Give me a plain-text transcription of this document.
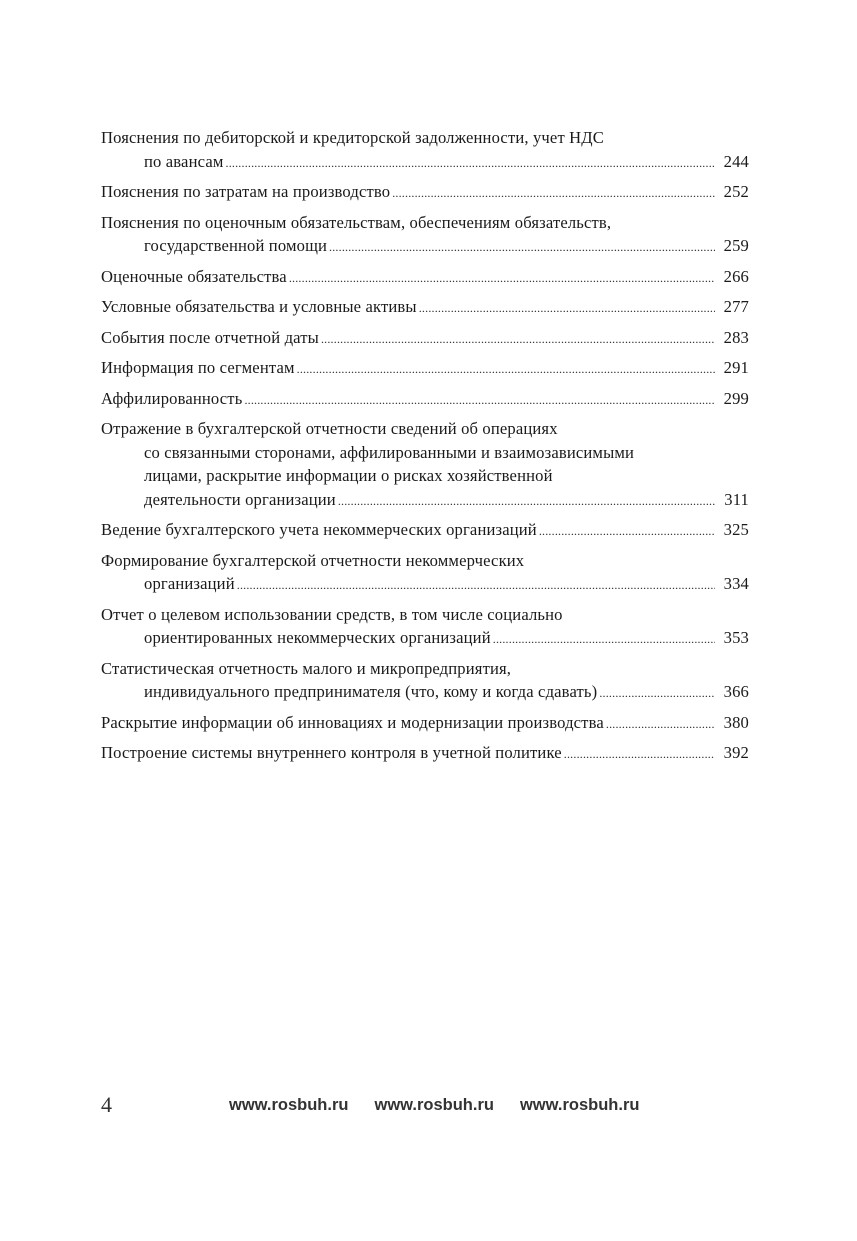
Пояснения по дебиторской и кредиторской задолженности, учет НДС
по авансам .....	244
Пояснения по затратам на производство .....	252
Пояснения по оценочным обязательствам, обеспечениям обязательств,
государственной помощи .....	259
Оценочные обязательства .....	266
Условные обязательства и условные активы .....	277
События после отчетной даты .....	283
Информация по сегментам .....	291
Аффилированность .....	299
Отражение в бухгалтерской отчетности сведений об операциях
со связанными сторонами, аффилированными и взаимозависимыми
лицами, раскрытие информации о рисках хозяйственной
деятельности организации .....	311
Ведение бухгалтерского учета некоммерческих организаций .....	325
Формирование бухгалтерской отчетности некоммерческих
организаций .....	334
Отчет о целевом использовании средств, в том числе социально
ориентированных некоммерческих организаций .....	353
Статистическая отчетность малого и микропредприятия,
индивидуального предпринимателя (что, кому и когда сдавать) .....	366
Раскрытие информации об инновациях и модернизации производства .....	380
Построение системы внутреннего контроля в учетной политике .....	392
4	www.rosbuh.ru www.rosbuh.ru www.rosbuh.ru
